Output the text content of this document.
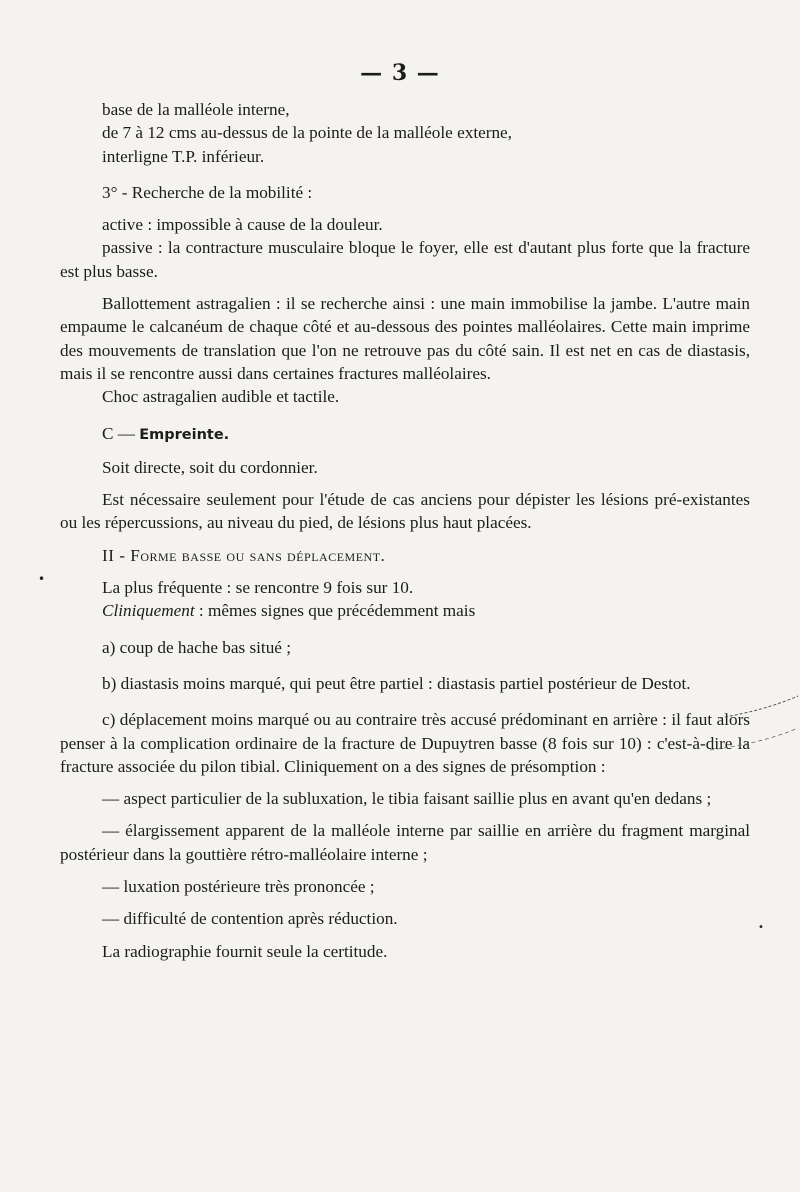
— 3 —

base de la malléole interne,

de 7 à 12 cms au-dessus de la pointe de la malléole externe,

interligne T.P. inférieur.

3° - Recherche de la mobilité :

active : impossible à cause de la douleur.

passive : la contracture musculaire bloque le foyer, elle est d'autant plus forte que la fracture est plus basse.

Ballottement astragalien : il se recherche ainsi : une main immobilise la jambe. L'autre main empaume le calcanéum de chaque côté et au-dessous des pointes malléolaires. Cette main imprime des mouvements de translation que l'on ne retrouve pas du côté sain. Il est net en cas de diastasis, mais il se rencontre aussi dans certaines fractures malléolaires.

Choc astragalien audible et tactile.

C — Empreinte.

Soit directe, soit du cordonnier.

Est nécessaire seulement pour l'étude de cas anciens pour dépister les lésions pré-existantes ou les répercussions, au niveau du pied, de lésions plus haut placées.

II - Forme basse ou sans déplacement.

La plus fréquente : se rencontre 9 fois sur 10.

Cliniquement : mêmes signes que précédemment mais

a) coup de hache bas situé ;

b) diastasis moins marqué, qui peut être partiel : diastasis partiel postérieur de Destot.

c) déplacement moins marqué ou au contraire très accusé prédominant en arrière : il faut alors penser à la complication ordinaire de la fracture de Dupuytren basse (8 fois sur 10) : c'est-à-dire la fracture associée du pilon tibial. Cliniquement on a des signes de présomption :

— aspect particulier de la subluxation, le tibia faisant saillie plus en avant qu'en dedans ;

— élargissement apparent de la malléole interne par saillie en arrière du fragment marginal postérieur dans la gouttière rétro-malléolaire interne ;

— luxation postérieure très prononcée ;

— difficulté de contention après réduction.

La radiographie fournit seule la certitude.

•
•
